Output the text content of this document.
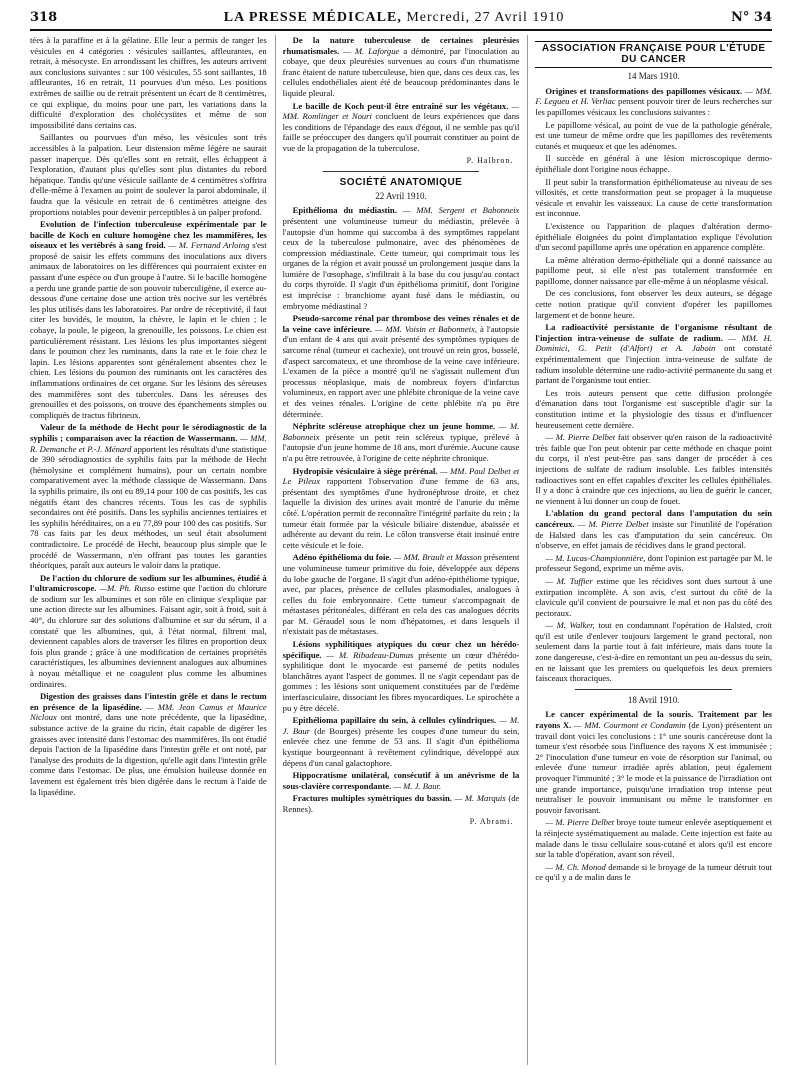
318	LA PRESSE MÉDICALE, Mercredi, 27 Avril 1910	N° 34

tées à la paraffine et à la gélatine. Elle leur a permis de ranger les vésicules en 4 catégories : vésicules saillantes, affleurantes, en retrait, à mésocyste. En arrondissant les chiffres, les auteurs arrivent aux conclusions suivantes : sur 100 vésicules, 55 sont saillantes, 18 affleurantes, 16 en retrait, 11 pourvues d'un méso. Les positions extrêmes de saillie ou de retrait présentent un écart de 8 centimètres, ce qui explique, du moins pour une part, les variations dans la difficulté d'exploration des cholécystites et même de son impossibilité dans certains cas.

Saillantes ou pourvues d'un méso, les vésicules sont très accessibles à la palpation. Leur distension même légère ne saurait passer inaperçue. Dès qu'elles sont en retrait, elles échappent à l'exploration, d'autant plus qu'elles sont plus distantes du rebord hépatique. Tandis qu'une vésicule saillante de 4 centimètres s'offrira d'elle-même à l'examen au point de soulever la paroi abdominale, il faudra que la vésicule en retrait de 6 centimètres atteigne des proportions notables pour devenir perceptibles à un palper profond.

Evolution de l'infection tuberculeuse expérimentale par le bacille de Koch en culture homogène chez les mammifères, les oiseaux et les vertébrés à sang froid. — M. Fernand Arloing s'est proposé de saisir les effets communs des inoculations aux divers animaux de laboratoires on les différences qui pourraient exister en passant d'une espèce ou d'un groupe à l'autre. Si le bacille homogène a perdu une grande partie de son pouvoir tuberculigène, il exerce au-dessous d'une certaine dose une action très nocive sur les vertébrés les plus utilisés dans les laboratoires. Par ordre de réceptivité, il faut citer les bovidés, le mouton, la chèvre, le lapin et le chien ; le cobaye, la poule, le pigeon, la grenouille, les poissons. Le chien est particulièrement résistant. Les lésions les plus importantes siègent dans le poumon chez les ruminants, dans la rate et le foie chez le lapin. Les lésions apparentes sont généralement absentes chez le chien. Les lésions du poumon des ruminants ont les caractères des inflammations ordinaires de cet organe. Sur les lésions des séreuses des mammifères sont des tubercules. Dans les séreuses des grenouilles et des poissons, on trouve des épanchements simples ou compliqués de tractus fibrineux.

Valeur de la méthode de Hecht pour le sérodiagnostic de la syphilis ; comparaison avec la réaction de Wassermann. — MM. R. Demanche et P.-J. Ménard apportent les résultats d'une statistique de 390 sérodiagnostics de syphilis faits par la méthode de Hecht (hémolysine et complément humains), pour un certain nombre comparativement avec la méthode classique de Wassermann. Dans la syphilis primaire, ils ont eu 89,14 pour 100 de cas positifs, les cas négatifs étant des chancres récents. Tous les cas de syphilis secondaires ont été positifs. Dans les syphilis anciennes tertiaires et les syphilis héréditaires, on a eu 77,89 pour 100 des cas positifs. Sur 78 cas faits par les deux méthodes, un seul était absolument contradictoire. Le procédé de Hecht, beaucoup plus simple que le procédé de Wassermann, n'en offrant pas toutes les garanties théoriques, paraît aux auteurs le valoir dans la pratique.

De l'action du chlorure de sodium sur les albumines, étudié à l'ultramicroscope. —M. Ph. Russo estime que l'action du chlorure de sodium sur les albumines et son rôle en clinique s'explique par une action directe sur les albumines. Faisant agir, soit à froid, soit à 40°, du chlorure sur des solutions d'albumine et sur du sérum, il a constaté que les albumines, qui, à l'état normal, filtrent mal, deviennent capables alors de traverser les filtres en proportion deux fois plus grande ; grâce à une modification de certaines propriétés caractéristiques, les albumines deviennent analogues aux albumines à noyau métallique et ne coagulent plus comme les albumines ordinaires.

Digestion des graisses dans l'intestin grêle et dans le rectum en présence de la lipasédine. — MM. Jean Camus et Maurice Nicloux ont montré, dans une note précédente, que la lipasédine, substance active de la graine du ricin, était capable de digérer les graisses avec intensité dans l'estomac des mammifères. Ils ont étudié depuis l'action de la lipasédine dans l'intestin grêle et ont noté, par l'analyse des produits de la digestion, qu'elle agit dans l'intestin grêle comme dans l'estomac. De plus, une émulsion huileuse donnée en lavement est également très bien digérée dans le rectum à l'aide de la lipasédine.

De la nature tuberculeuse de certaines pleurésies rhumatismales. — M. Laforgue a démontré, par l'inoculation au cobaye, que deux pleurésies survenues au cours d'un rhumatisme franc étaient de nature tuberculeuse, bien que, dans ces deux cas, les cellules endothéliales aient été de beaucoup prédominantes dans le liquide pleural.

Le bacille de Koch peut-il être entraîné sur les végétaux. — MM. Romlinger et Nouri concluent de leurs expériences que dans les conditions de l'épandage des eaux d'égout, il ne semble pas qu'il faille se préoccuper des dangers qu'il pourrait constituer au point de vue de la propagation de la tuberculose.

P. Halbron.
SOCIÉTÉ ANATOMIQUE
22 Avril 1910.

Epithélioma du médiastin. — MM. Sergent et Babonneix présentent une volumineuse tumeur du médiastin, prélevée à l'autopsie d'un homme qui succomba à des symptômes rappelant ceux de la tuberculose pulmonaire, avec des phénomènes de compression médiastinale. Cette tumeur, qui comprimait tous les organes de la région et avait poussé un prolongement jusque dans la lumière de l'œsophage, s'infiltrait à la base du cou jusqu'au contact du corps thyroïde. Il s'agit d'un épithélioma primitif, dont l'origine est imprécise : branchiome ayant fusé dans le médiastin, ou embryome médiastinal ?

Pseudo-sarcome rénal par thrombose des veines rénales et de la veine cave inférieure. — MM. Voisin et Babonneix, à l'autopsie d'un enfant de 4 ans qui avait présenté des symptômes typiques de sarcome rénal (tumeur et cachexie), ont trouvé un rein gros, bosselé, d'aspect sarcomateux, et une thrombose de la veine cave inférieure. L'examen de la pièce a montré qu'il ne s'agissait nullement d'un processus néoplasique, mais de nombreux foyers d'infarctus volumineux, en rapport avec une phlébite chronique de la veine cave et des veines rénales. L'origine de cette phlébite n'a pu être déterminée.

Néphrite scléreuse atrophique chez un jeune homme. — M. Babonneix présente un petit rein scléreux typique, prélevé à l'autopsie d'un jeune homme de 18 ans, mort d'urémie. Aucune cause n'a pu être retrouvée, à l'origine de cette néphrite chronique.

Hydropisie vésiculaire à siège prérénal. — MM. Paul Delbet et Le Pileux rapportent l'observation d'une femme de 63 ans, présentant des symptômes d'une hydronéphrose droite, et chez laquelle la division des urines avait montré de l'anurie du même côté. L'opération permit de reconnaître l'intégrité parfaite du rein ; la tumeur était formée par la vésicule biliaire distendue, abaissée et adhérente au devant du rein. Le côlon transverse était insinué entre cette vésicule et le foie.

Adéno épithélioma du foie. — MM. Brault et Masson présentent une volumineuse tumeur primitive du foie, développée aux dépens du lobe gauche de l'organe. Il s'agit d'un adéno-épithéliome typique, avec, par places, présence de cellules plasmodiales, analogues à celles du foie embryonnaire. Cette tumeur s'accompagnait de métastases péritonéales, différant en cela des cas analogues décrits par M. Géraudel sous le nom d'hépatomes, et dans lesquels il n'existait pas de métastases.

Lésions syphilitiques atypiques du cœur chez un hérédo-spécifique. — M. Ribadeau-Dumas présente un cœur d'hérédo-syphilitique dont le myocarde est parsemé de petits nodules blanchâtres ayant l'aspect de gommes. Il ne s'agit cependant pas de gommes : les lésions sont uniquement constituées par de l'œdème interfasciculaire, dissociant les fibres myocardiques. Le spirochète a pu y être décelé.

Epithélioma papillaire du sein, à cellules cylindriques. — M. J. Baur (de Bourges) présente les coupes d'une tumeur du sein, enlevée chez une femme de 53 ans. Il s'agit d'un épithélioma kystique bourgeonnant à revêtement cylindrique, développé aux dépens d'un canal galactophore.

Hippocratisme unilatéral, consécutif à un anévrisme de la sous-clavière correspondante. — M. J. Baur.

Fractures multiples symétriques du bassin. — M. Marquis (de Rennes).

P. Abrami.
ASSOCIATION FRANÇAISE POUR L'ÉTUDE DU CANCER
14 Mars 1910.

Origines et transformations des papillomes vésicaux. — MM. F. Legueu et H. Verliac pensent pouvoir tirer de leurs recherches sur les papillomes vésicaux les conclusions suivantes :

Le papillome vésical, au point de vue de la pathologie générale, est une tumeur de même ordre que les papillomes des revêtements cutanés et muqueux et que les adénomes.

Il succède en général à une lésion microscopique dermo-épithéliale dont l'origine nous échappe.

Il peut subir la transformation épithéliomateuse au niveau de ses villosités, et cette transformation peut se propager à la muqueuse vésicale et envahir les vaisseaux. La cause de cette transformation est inconnue.

L'existence ou l'apparition de plaques d'altération dermo-épithéliale éloignées du point d'implantation explique l'évolution d'un second papillome après une opération en apparence complète.

La même altération dermo-épithéliale qui a donné naissance au papillome peut, si elle n'est pas totalement transformée en papillome, donner naissance par elle-même à un néoplasme vésical.

De ces conclusions, font observer les deux auteurs, se dégage cette notion pratique qu'il convient d'opérer les papillomes largement et de bonne heure.

La radioactivité persistante de l'organisme résultant de l'injection intra-veineuse de sulfate de radium. — MM. H. Dominici, G. Petit (d'Alfort) et A. Jaboin ont constaté expérimentalement que l'injection intra-veineuse de sulfate de radium insoluble détermine une radio-activité permanente du sang et partant de l'organisme tout entier.

Les trois auteurs pensent que cette diffusion prolongée d'émanation dans tout l'organisme est susceptible d'agir sur la constitution intime et la physiologie des tissus et d'influencer heureusement cette dernière.

— M. Pierre Delbet fait observer qu'en raison de la radioactivité très faible que l'on peut obtenir par cette méthode en chaque point du corps, il n'est peut-être pas sans danger de procéder à ces injections de sulfate de radium insoluble. Les faibles intensités radioactives sont en effet capables d'exciter les cellules épithéliales. Il y a donc à craindre que ces injections, au lieu de guérir le cancer, ne viennent à lui donner un coup de fouet.

L'ablation du grand pectoral dans l'amputation du sein cancéreux. — M. Pierre Delbet insiste sur l'inutilité de l'opération de Halsted dans les cas d'amputation du sein cancéreux. On n'observe, en effet jamais de récidives dans le grand pectoral.

— M. Lucas-Championnière, dont l'opinion est partagée par M. le professeur Segond, exprime un même avis.

— M. Tuffier estime que les récidives sont dues surtout à une extirpation incomplète. A son avis, c'est surtout du côté de la clavicule qu'il convient de poursuivre le mal et non pas du côté des pectoraux.

— M. Walker, tout en condamnant l'opération de Halsted, croit qu'il est utile d'enlever toujours largement le grand pectoral, non seulement dans la partie tout à fait inférieure, mais dans toute la zone dangereuse, c'est-à-dire en remontant un peu au-dessus du sein, en ne laissant que les premiers ou quelquefois les deux premiers faisceaux thoraciques.

18 Avril 1910.

Le cancer expérimental de la souris. Traitement par les rayons X. — MM. Courmont et Condamin (de Lyon) présentent un travail dont voici les conclusions : 1° une souris cancéreuse dont la tumeur s'est résorbée sous l'influence des rayons X est immunisée ; 2° l'inoculation d'une tumeur en voie de résorption sur l'animal, ou enlevée d'une tumeur irradiée après ablation, peut également provoquer l'immunité ; 3° le mode et la puissance de l'irradiation ont une grande importance, puisqu'une irradiation trop intense peut neutraliser le pouvoir immunisant ou même le transformer en pouvoir favorisant.

— M. Pierre Delbet broye toute tumeur enlevée aseptiquement et la réinjecte systématiquement au malade. Cette injection est faite au malade dans le tissu cellulaire sous-cutané et alors qu'il est encore sur la table d'opération, avant son réveil.

— M. Ch. Monod demande si le broyage de la tumeur détruit tout ce qu'il y a de malin dans le
